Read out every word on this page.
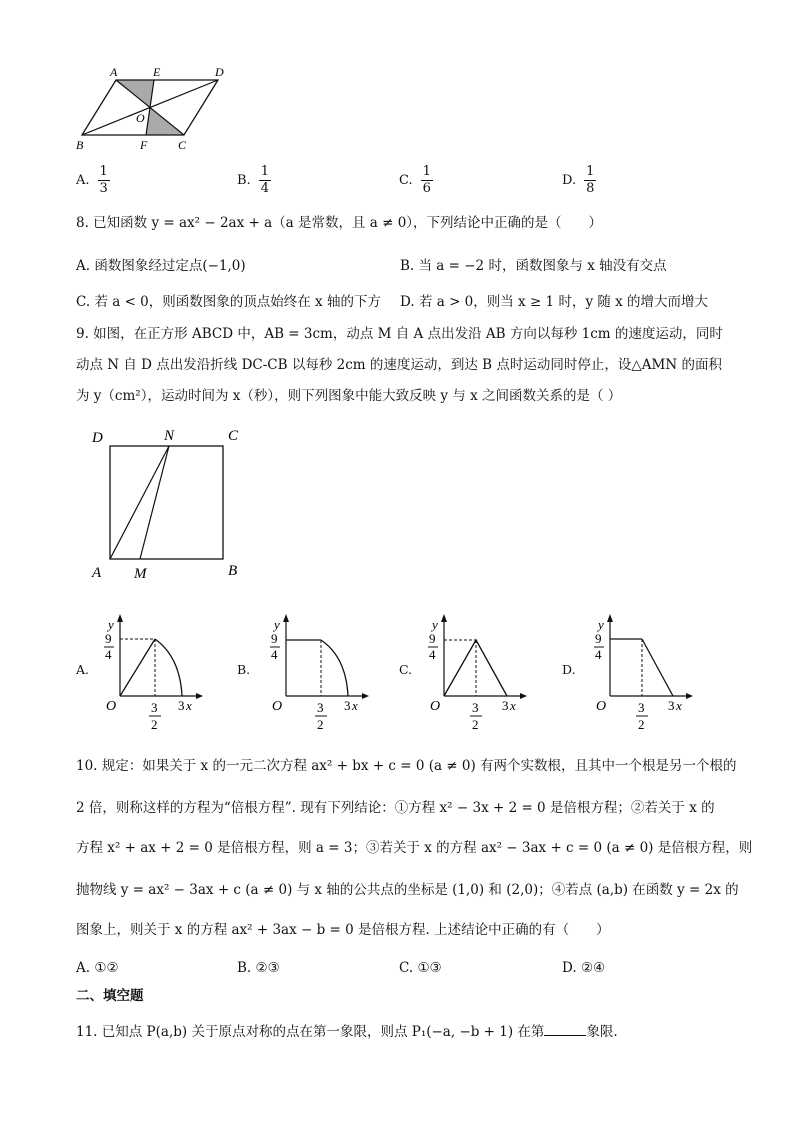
A	E	D
O
B	F	C
A. $\frac{1}{3}$	B. $\frac{1}{4}$	C. $\frac{1}{6}$	D. $\frac{1}{8}$
8. 已知函数 y = ax² − 2ax + a（a 是常数，且 a ≠ 0），下列结论中正确的是（　　）
A. 函数图象经过定点(−1,0)	B. 当 a = −2 时，函数图象与 x 轴没有交点
C. 若 a < 0，则函数图象的顶点始终在 x 轴的下方 D. 若 a > 0，则当 x ≥ 1 时，y 随 x 的增大而增大
9. 如图，在正方形 ABCD 中，AB = 3cm，动点 M 自 A 点出发沿 AB 方向以每秒 1cm 的速度运动，同时
动点 N 自 D 点出发沿折线 DC-CB 以每秒 2cm 的速度运动，到达 B 点时运动同时停止，设△AMN 的面积
为 y（cm²），运动时间为 x（秒），则下列图象中能大致反映 y 与 x 之间函数关系的是（ ）
D	N	C
A M	B
A.
y
9
4
O	3
2
3 x
B.
y
9
4
O	3
2
3 x
C.
y
9
4
O 3
2
3 x
D.
y
9
4
O 3
2
3 x
10. 规定：如果关于 x 的一元二次方程 ax² + bx + c = 0 (a ≠ 0) 有两个实数根，且其中一个根是另一个根的
2 倍，则称这样的方程为“倍根方程”. 现有下列结论：①方程 x² − 3x + 2 = 0 是倍根方程；②若关于 x 的
方程 x² + ax + 2 = 0 是倍根方程，则 a = 3；③若关于 x 的方程 ax² − 3ax + c = 0 (a ≠ 0) 是倍根方程，则
抛物线 y = ax² − 3ax + c (a ≠ 0) 与 x 轴的公共点的坐标是 (1,0) 和 (2,0)；④若点 (a,b) 在函数 y = 2x 的
图象上，则关于 x 的方程 ax² + 3ax − b = 0 是倍根方程. 上述结论中正确的有（　　）
A. ①②	B. ②③	C. ①③	D. ②④
二、填空题
11. 已知点 P(a,b) 关于原点对称的点在第一象限，则点 P₁(−a, −b + 1) 在第	象限.
